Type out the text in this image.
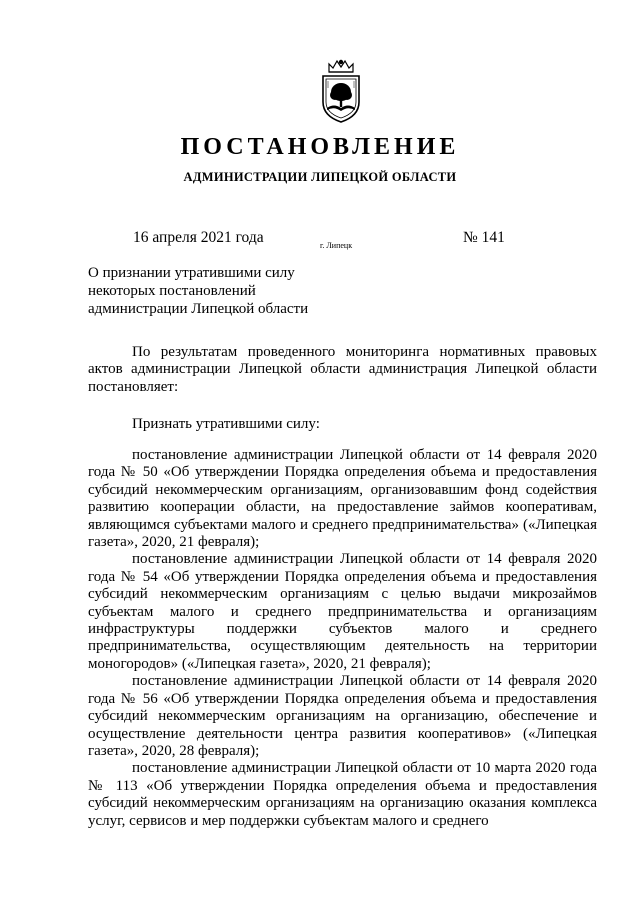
ПОСТАНОВЛЕНИЕ
АДМИНИСТРАЦИИ ЛИПЕЦКОЙ ОБЛАСТИ
16 апреля 2021 года	г. Липецк	№ 141
О признании утратившими силу
некоторых постановлений
администрации Липецкой области
По результатам проведенного мониторинга нормативных правовых актов администрации Липецкой области администрация Липецкой области постановляет:
Признать утратившими силу:

постановление администрации Липецкой области от 14 февраля 2020 года № 50 «Об утверждении Порядка определения объема и предоставления субсидий некоммерческим организациям, организовавшим фонд содействия развитию кооперации области, на предоставление займов кооперативам, являющимся субъектами малого и среднего предпринимательства» («Липецкая газета», 2020, 21 февраля);

постановление администрации Липецкой области от 14 февраля 2020 года № 54 «Об утверждении Порядка определения объема и предоставления субсидий некоммерческим организациям с целью выдачи микрозаймов субъектам малого и среднего предпринимательства и организациям инфраструктуры поддержки субъектов малого и среднего предпринимательства, осуществляющим деятельность на территории моногородов» («Липецкая газета», 2020, 21 февраля);

постановление администрации Липецкой области от 14 февраля 2020 года № 56 «Об утверждении Порядка определения объема и предоставления субсидий некоммерческим организациям на организацию, обеспечение и осуществление деятельности центра развития кооперативов» («Липецкая газета», 2020, 28 февраля);

постановление администрации Липецкой области от 10 марта 2020 года № 113 «Об утверждении Порядка определения объема и предоставления субсидий некоммерческим организациям на организацию оказания комплекса услуг, сервисов и мер поддержки субъектам малого и среднего
